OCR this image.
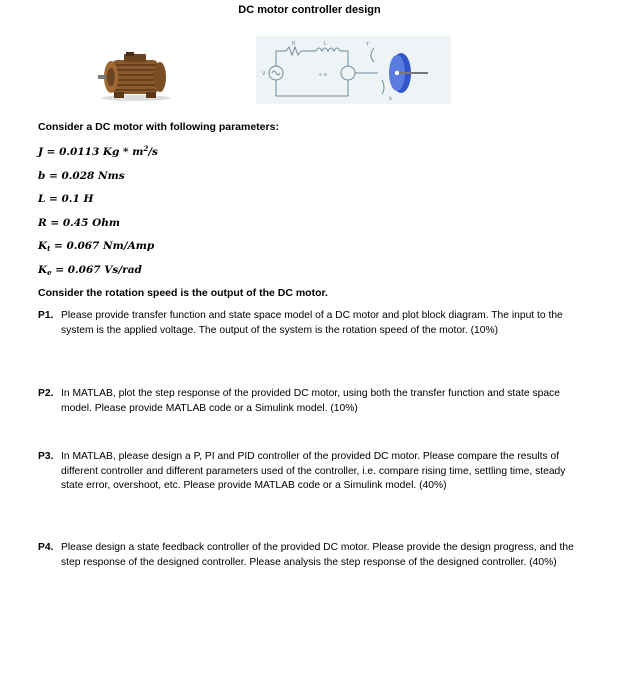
DC motor controller design
R	L
+ e
T
b
V
Consider a DC motor with following parameters:
J = 0.0113 Kg * $m^2/s$
b = 0.028 Nms
L = 0.1 H
R = 0.45 Ohm
$K_t = 0.067$ Nm/Amp
$K_e = 0.067$ Vs/rad
Consider the rotation speed is the output of the DC motor.
P1. Please provide transfer function and state space model of a DC motor and plot block diagram. The input to the system is the applied voltage. The output of the system is the rotation speed of the motor. (10%)
P2. In MATLAB, plot the step response of the provided DC motor, using both the transfer function and state space model. Please provide MATLAB code or a Simulink model. (10%)
P3. In MATLAB, please design a P, PI and PID controller of the provided DC motor. Please compare the results of different controller and different parameters used of the controller, i.e. compare rising time, settling time, steady state error, overshoot, etc. Please provide MATLAB code or a Simulink model. (40%)
P4. Please design a state feedback controller of the provided DC motor. Please provide the design progress, and the step response of the designed controller. Please analysis the step response of the designed controller. (40%)
